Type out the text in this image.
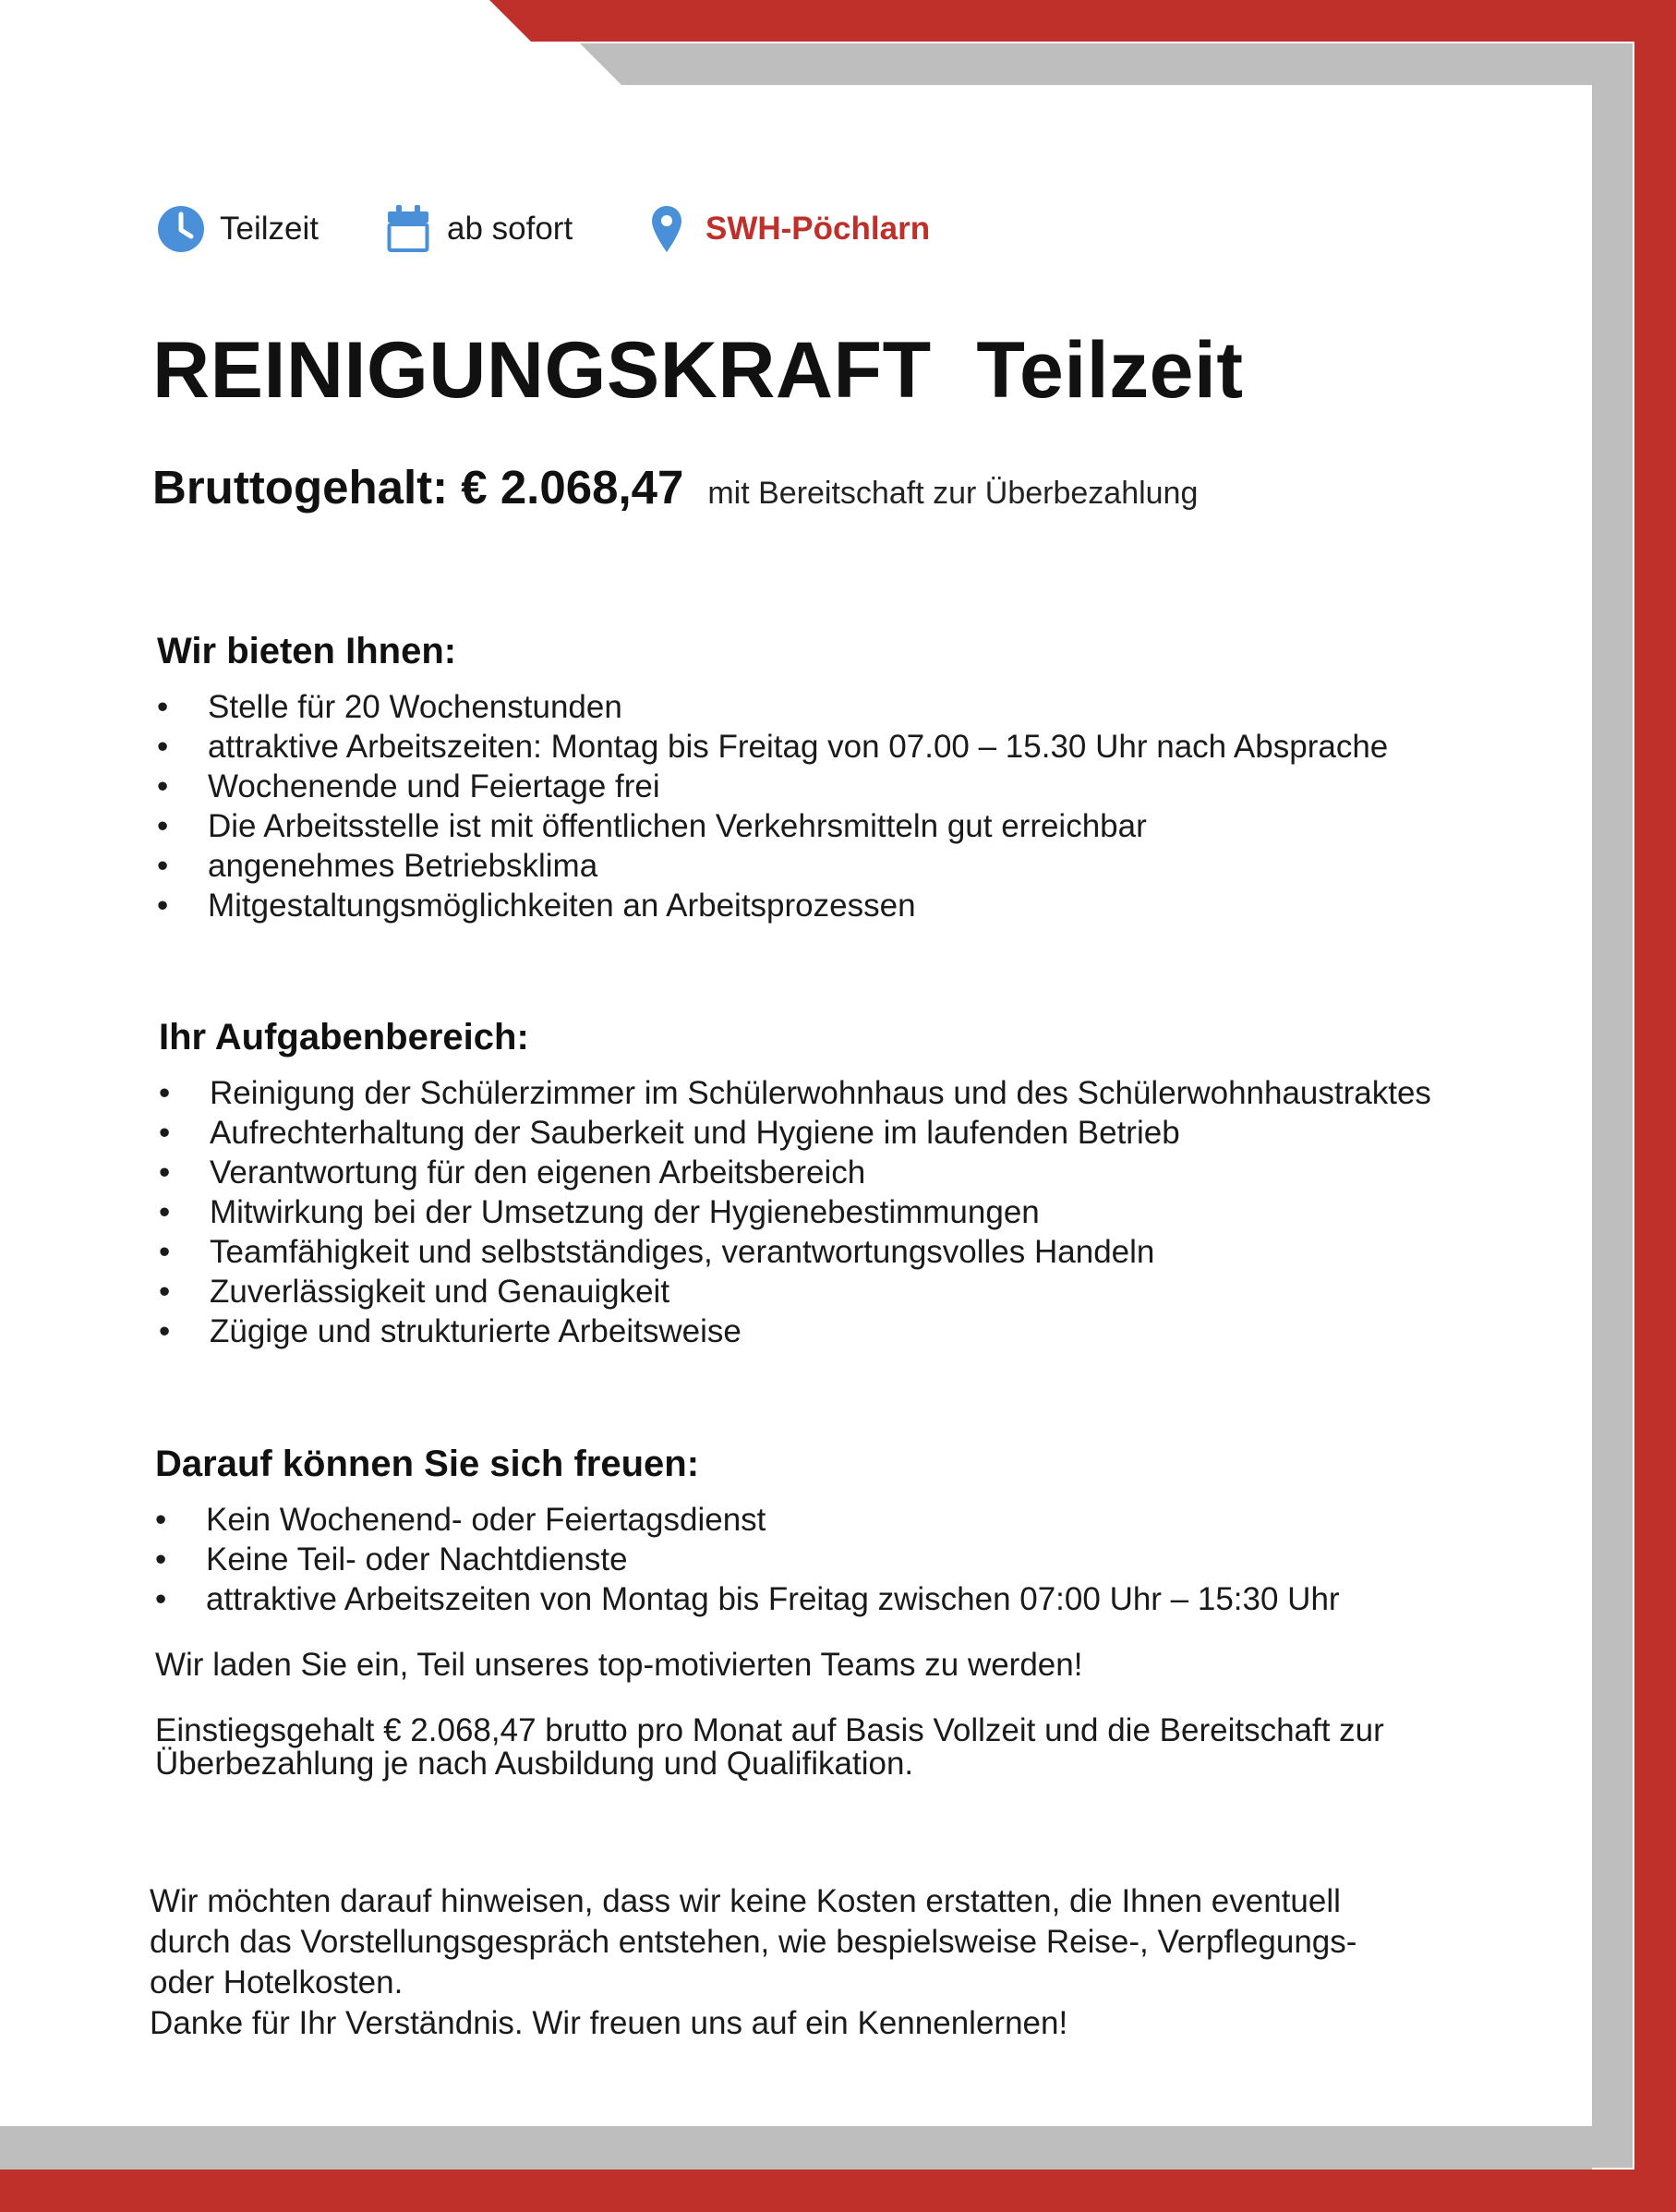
Teilzeit	ab sofort	SWH-Pöchlarn
REINIGUNGSKRAFT  Teilzeit
Bruttogehalt: € 2.068,47 mit Bereitschaft zur Überbezahlung
Wir bieten Ihnen:
• Stelle für 20 Wochenstunden
• attraktive Arbeitszeiten: Montag bis Freitag von 07.00 – 15.30 Uhr nach Absprache
• Wochenende und Feiertage frei
• Die Arbeitsstelle ist mit öffentlichen Verkehrsmitteln gut erreichbar
• angenehmes Betriebsklima
• Mitgestaltungsmöglichkeiten an Arbeitsprozessen
Ihr Aufgabenbereich:
• Reinigung der Schülerzimmer im Schülerwohnhaus und des Schülerwohnhaustraktes
• Aufrechterhaltung der Sauberkeit und Hygiene im laufenden Betrieb
• Verantwortung für den eigenen Arbeitsbereich
• Mitwirkung bei der Umsetzung der Hygienebestimmungen
• Teamfähigkeit und selbstständiges, verantwortungsvolles Handeln
• Zuverlässigkeit und Genauigkeit
• Zügige und strukturierte Arbeitsweise
Darauf können Sie sich freuen:
• Kein Wochenend- oder Feiertagsdienst
• Keine Teil- oder Nachtdienste
• attraktive Arbeitszeiten von Montag bis Freitag zwischen 07:00 Uhr – 15:30 Uhr

Wir laden Sie ein, Teil unseres top-motivierten Teams zu werden!

Einstiegsgehalt € 2.068,47 brutto pro Monat auf Basis Vollzeit und die Bereitschaft zur
Überbezahlung je nach Ausbildung und Qualifikation.

Wir möchten darauf hinweisen, dass wir keine Kosten erstatten, die Ihnen eventuell
durch das Vorstellungsgespräch entstehen, wie bespielsweise Reise-, Verpflegungs-
oder Hotelkosten.
Danke für Ihr Verständnis. Wir freuen uns auf ein Kennenlernen!
